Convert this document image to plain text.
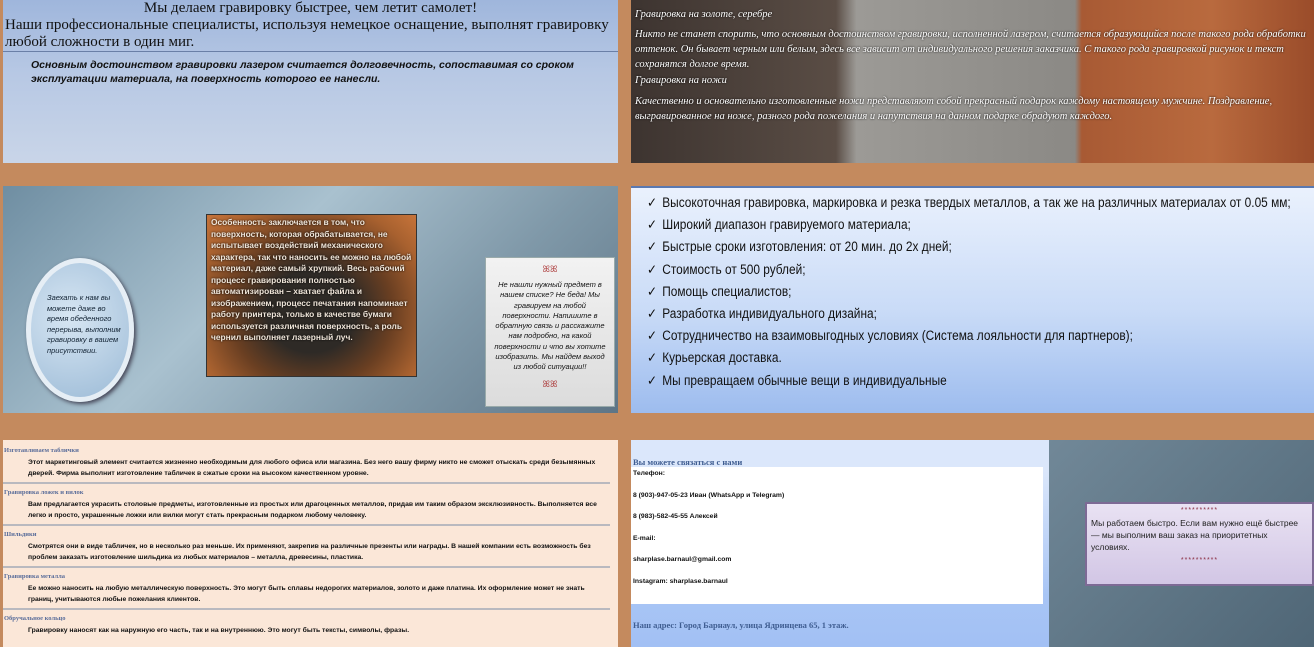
Мы делаем гравировку быстрее, чем летит самолет!
Наши профессиональные специалисты, используя немецкое оснащение, выполнят гравировку любой сложности в один миг.
Основным достоинством гравировки лазером считается долговечность, сопоставимая со сроком эксплуатации материала, на поверхность которого ее нанесли.
Гравировка на золоте, серебре
Никто не станет спорить, что основным достоинством гравировки, исполненной лазером, считается образующийся после такого рода обработки оттенок. Он бывает черным или белым, здесь все зависит от индивидуального решения заказчика. С такого рода гравировкой рисунок и текст сохранятся долгое время.
Гравировка на ножи
Качественно и основательно изготовленные ножи представляют собой прекрасный подарок каждому настоящему мужчине. Поздравление, выгравированное на ноже, разного рода пожелания и напутствия на данном подарке обрадуют каждого.

Заехать к нам вы можете даже во время обеденного перерыва, выполним гравировку в вашем присутствии.

Особенность заключается в том, что поверхность, которая обрабатывается, не испытывает воздействий механического характера, так что наносить ее можно на любой материал, даже самый хрупкий. Весь рабочий процесс гравирования полностью автоматизирован – хватает файла и изображением, процесс печатания напоминает работу принтера, только в качестве бумаги используется различная поверхность, а роль чернил выполняет лазерный луч.

ꕤꕤ

Не нашли нужный предмет в нашем списке? Не беда! Мы гравируем на любой поверхности. Напишите в обратную связь и расскажите нам подробно, на какой поверхности и что вы хотите изобразить. Мы найдем выход из любой ситуации!!

ꕤꕤ
✓ Высокоточная гравировка, маркировка и резка твердых металлов, а так же на различных материалах от 0.05 мм;
✓ Широкий диапазон гравируемого материала;
✓ Быстрые сроки изготовления: от 20 мин. до 2х дней;
✓ Стоимость от 500 рублей;
✓ Помощь специалистов;
✓ Разработка индивидуального дизайна;
✓ Сотрудничество на взаимовыгодных условиях (Система лояльности для партнеров);
✓ Курьерская доставка.
✓ Мы превращаем обычные вещи в индивидуальные
Изготавливаем таблички
Этот маркетинговый элемент считается жизненно необходимым для любого офиса или магазина. Без него вашу фирму никто не сможет отыскать среди безымянных дверей. Фирма выполнит изготовление табличек в сжатые сроки на высоком качественном уровне.
Гравировка ложек и вилок
Вам предлагается украсить столовые предметы, изготовленные из простых или драгоценных металлов, придав им таким образом эксклюзивность. Выполняется все легко и просто, украшенные ложки или вилки могут стать прекрасным подарком любому человеку.
Шильдики
Смотрятся они в виде табличек, но в несколько раз меньше. Их применяют, закрепив на различные презенты или награды. В нашей компании есть возможность без проблем заказать изготовление шильдика из любых материалов – металла, древесины, пластика.
Гравировка металла
Ее можно наносить на любую металлическую поверхность. Это могут быть сплавы недорогих материалов, золото и даже платина. Их оформление может не знать границ, учитываются любые пожелания клиентов.
Обручальное кольцо
Гравировку наносят как на наружную его часть, так и на внутреннюю. Это могут быть тексты, символы, фразы.
Вы можете связаться с нами

Телефон:

8 (903)-947-05-23 Иван (WhatsApp и Telegram)

8 (983)-582-45-55 Алексей

E-mail:

sharplase.barnaul@gmail.com

Instagram: sharplase.barnaul

Наш адрес: Город Барнаул, улица Ядринцева 65, 1 этаж.
**********

Мы работаем быстро. Если вам нужно ещё быстрее — мы выполним ваш заказ на приоритетных условиях.

**********
